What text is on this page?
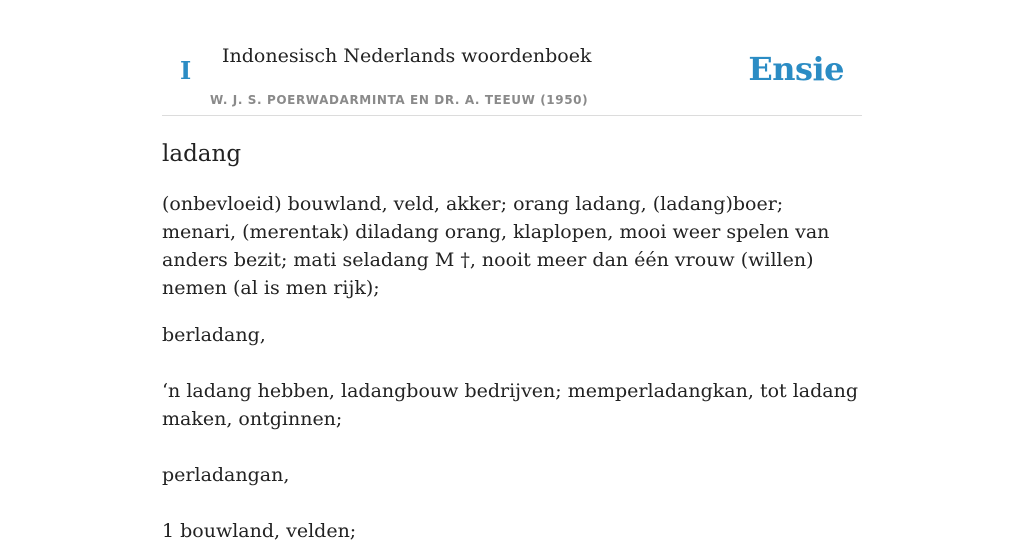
I Indonesisch Nederlands woordenboek
W. J. S. POERWADARMINTA EN DR. A. TEEUW (1950)
Ensie
ladang

(onbevloeid) bouwland, veld, akker; orang ladang, (ladang)boer; menari, (merentak) diladang orang, klaplopen, mooi weer spelen van anders bezit; mati seladang M †, nooit meer dan één vrouw (willen) nemen (al is men rijk);

berladang,

‘n ladang hebben, ladangbouw bedrijven; memperladangkan, tot ladang maken, ontginnen;

perladangan,

1 bouwland, velden;
